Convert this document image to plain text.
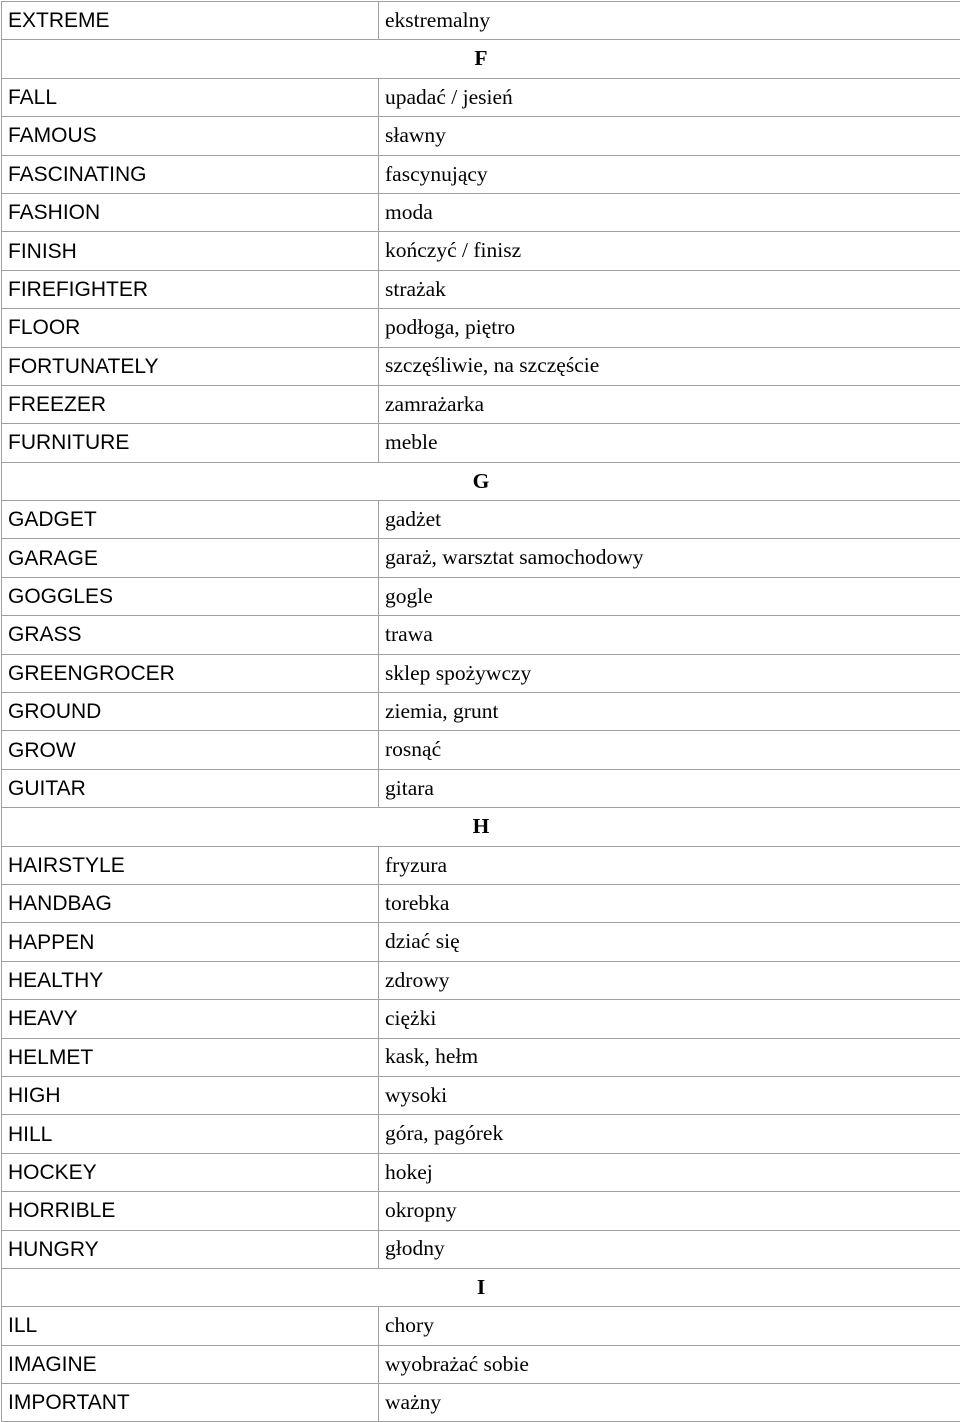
EXTREME	ekstremalny
F	
FALL	upadać / jesień
FAMOUS	sławny
FASCINATING	fascynujący
FASHION	moda
FINISH	kończyć / finisz
FIREFIGHTER	strażak
FLOOR	podłoga, piętro
FORTUNATELY	szczęśliwie, na szczęście
FREEZER	zamrażarka
FURNITURE	meble
G	
GADGET	gadżet
GARAGE	garaż, warsztat samochodowy
GOGGLES	gogle
GRASS	trawa
GREENGROCER	sklep spożywczy
GROUND	ziemia, grunt
GROW	rosnąć
GUITAR	gitara
H	
HAIRSTYLE	fryzura
HANDBAG	torebka
HAPPEN	dziać się
HEALTHY	zdrowy
HEAVY	ciężki
HELMET	kask, hełm
HIGH	wysoki
HILL	góra, pagórek
HOCKEY	hokej
HORRIBLE	okropny
HUNGRY	głodny
I	
ILL	chory
IMAGINE	wyobrażać sobie
IMPORTANT	ważny
